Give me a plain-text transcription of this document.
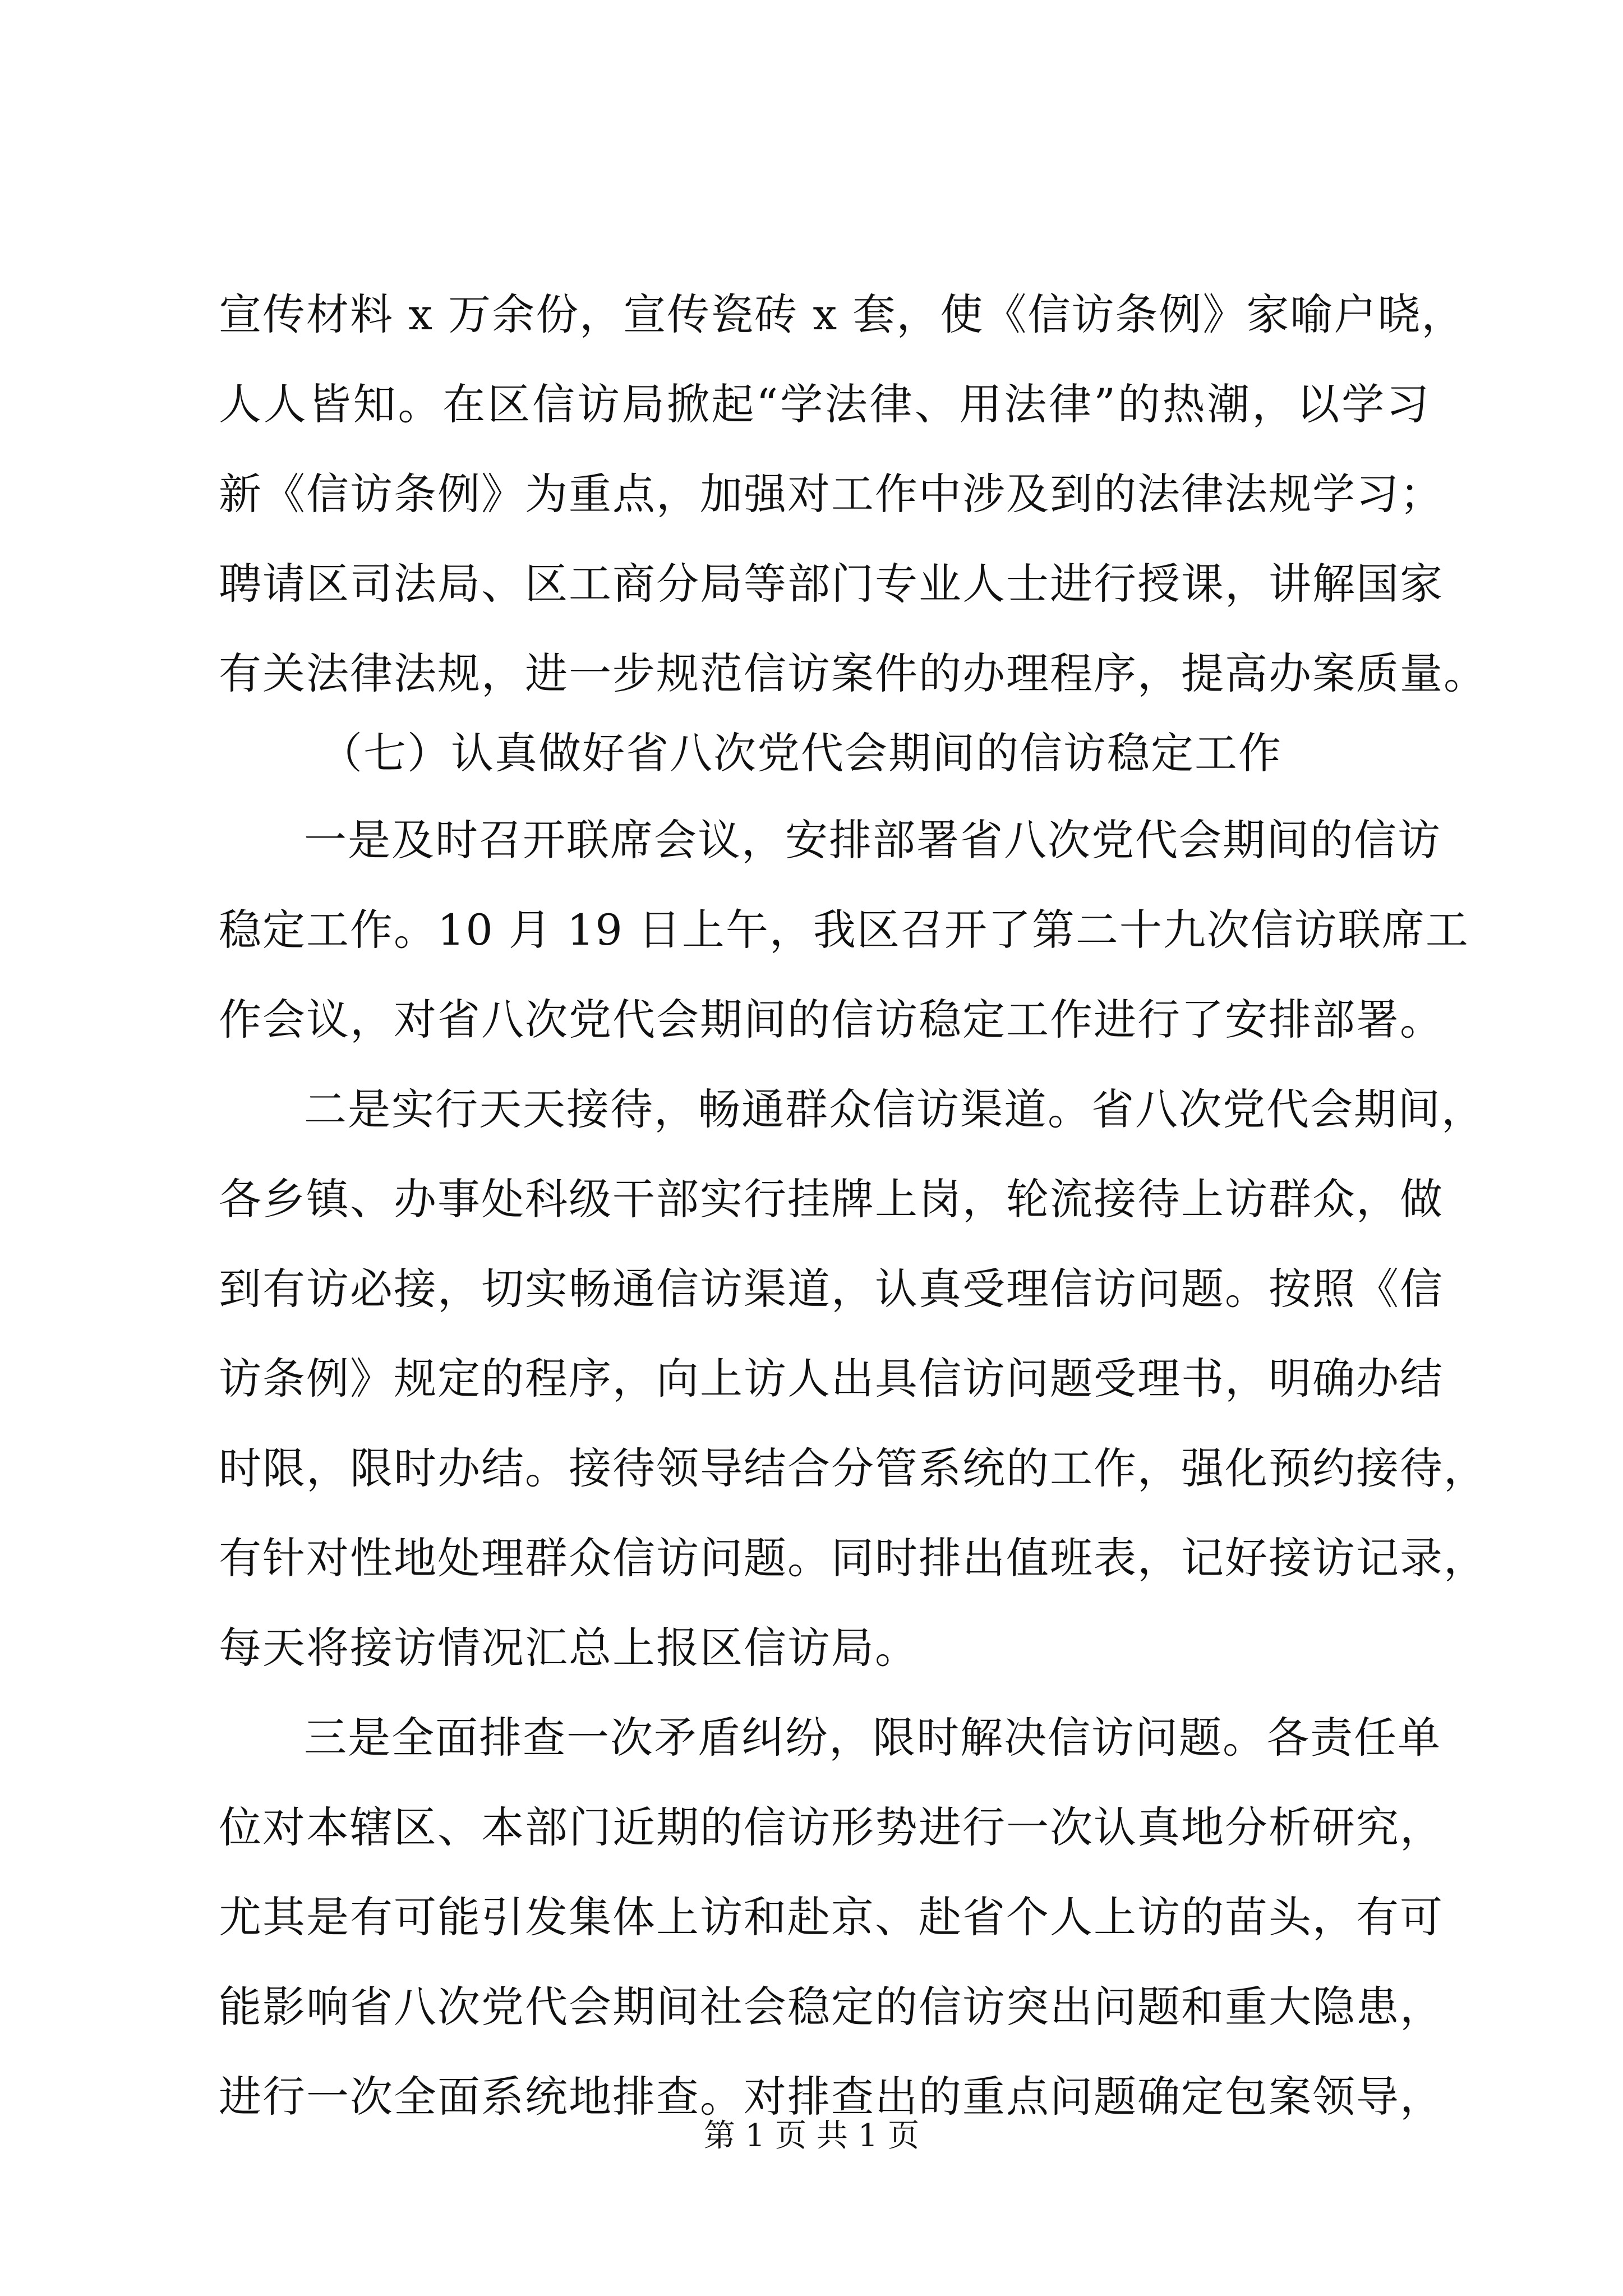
宣传材料 x 万余份，宣传瓷砖 x 套，使《信访条例》家喻户晓，
人人皆知。在区信访局掀起“学法律、用法律”的热潮，以学习
新《信访条例》为重点，加强对工作中涉及到的法律法规学习；
聘请区司法局、区工商分局等部门专业人士进行授课，讲解国家
有关法律法规，进一步规范信访案件的办理程序，提高办案质量。
（七）认真做好省八次党代会期间的信访稳定工作
一是及时召开联席会议，安排部署省八次党代会期间的信访
稳定工作。10 月 19 日上午，我区召开了第二十九次信访联席工
作会议，对省八次党代会期间的信访稳定工作进行了安排部署。
二是实行天天接待，畅通群众信访渠道。省八次党代会期间，
各乡镇、办事处科级干部实行挂牌上岗，轮流接待上访群众，做
到有访必接，切实畅通信访渠道，认真受理信访问题。按照《信
访条例》规定的程序，向上访人出具信访问题受理书，明确办结
时限，限时办结。接待领导结合分管系统的工作，强化预约接待，
有针对性地处理群众信访问题。同时排出值班表，记好接访记录，
每天将接访情况汇总上报区信访局。
三是全面排查一次矛盾纠纷，限时解决信访问题。各责任单
位对本辖区、本部门近期的信访形势进行一次认真地分析研究，
尤其是有可能引发集体上访和赴京、赴省个人上访的苗头，有可
能影响省八次党代会期间社会稳定的信访突出问题和重大隐患，
进行一次全面系统地排查。对排查出的重点问题确定包案领导，
第 1 页 共 1 页
